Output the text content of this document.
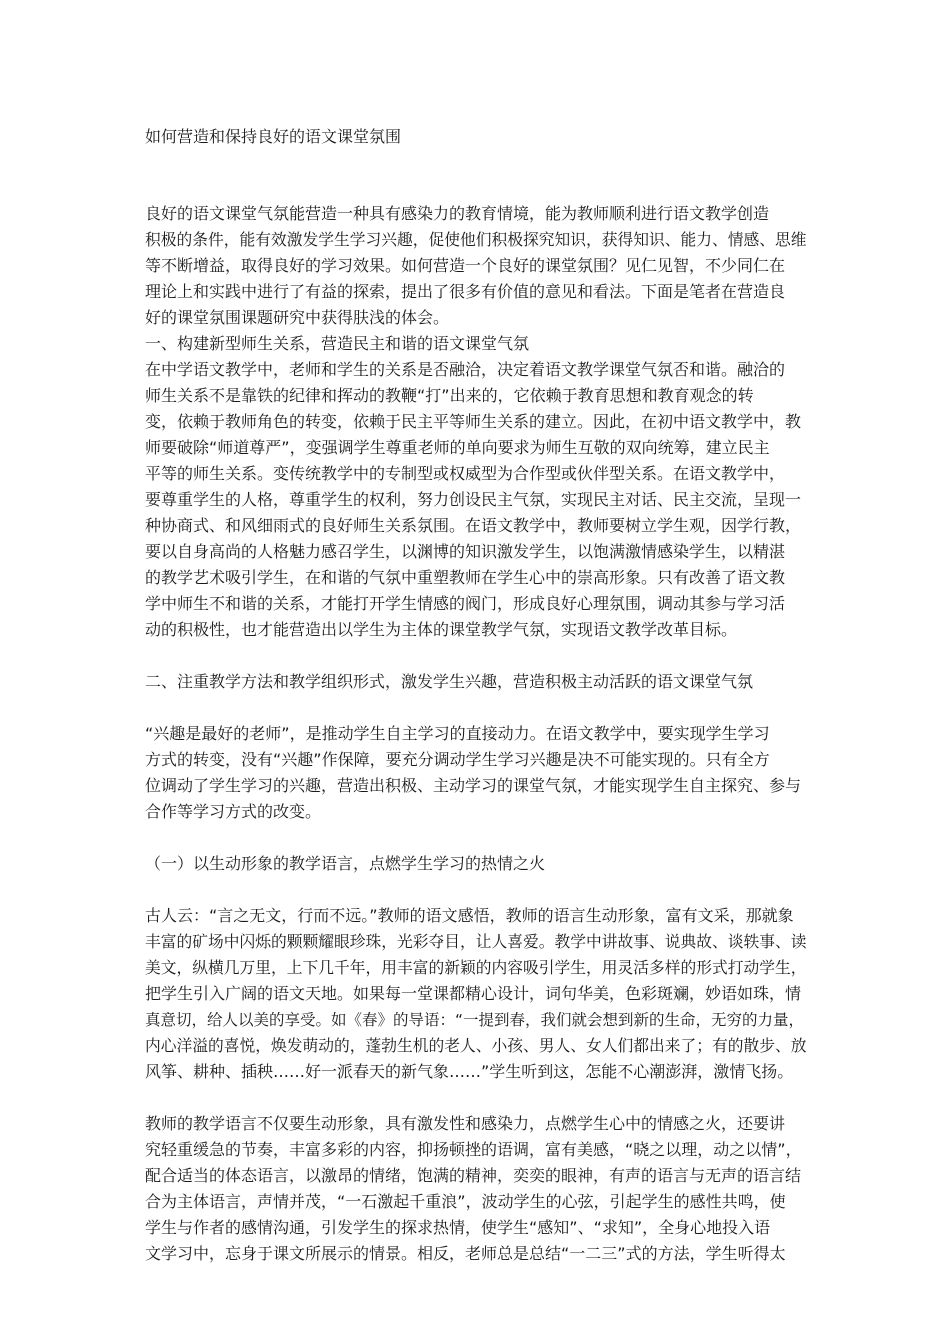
如何营造和保持良好的语文课堂氛围
良好的语文课堂气氛能营造一种具有感染力的教育情境，能为教师顺利进行语文教学创造
积极的条件，能有效激发学生学习兴趣，促使他们积极探究知识，获得知识、能力、情感、思维
等不断增益，取得良好的学习效果。如何营造一个良好的课堂氛围？见仁见智，不少同仁在
理论上和实践中进行了有益的探索，提出了很多有价值的意见和看法。下面是笔者在营造良
好的课堂氛围课题研究中获得肤浅的体会。
一、构建新型师生关系，营造民主和谐的语文课堂气氛
在中学语文教学中，老师和学生的关系是否融洽，决定着语文教学课堂气氛否和谐。融洽的
师生关系不是靠铁的纪律和挥动的教鞭“打”出来的，它依赖于教育思想和教育观念的转
变，依赖于教师角色的转变，依赖于民主平等师生关系的建立。因此，在初中语文教学中，教
师要破除“师道尊严”，变强调学生尊重老师的单向要求为师生互敬的双向统筹，建立民主
平等的师生关系。变传统教学中的专制型或权威型为合作型或伙伴型关系。在语文教学中，
要尊重学生的人格，尊重学生的权利，努力创设民主气氛，实现民主对话、民主交流，呈现一
种协商式、和风细雨式的良好师生关系氛围。在语文教学中，教师要树立学生观，因学行教，
要以自身高尚的人格魅力感召学生，以渊博的知识激发学生，以饱满激情感染学生，以精湛
的教学艺术吸引学生，在和谐的气氛中重塑教师在学生心中的崇高形象。只有改善了语文教
学中师生不和谐的关系，才能打开学生情感的阀门，形成良好心理氛围，调动其参与学习活
动的积极性，也才能营造出以学生为主体的课堂教学气氛，实现语文教学改革目标。
二、注重教学方法和教学组织形式，激发学生兴趣，营造积极主动活跃的语文课堂气氛
“兴趣是最好的老师”，是推动学生自主学习的直接动力。在语文教学中，要实现学生学习
方式的转变，没有“兴趣”作保障，要充分调动学生学习兴趣是决不可能实现的。只有全方
位调动了学生学习的兴趣，营造出积极、主动学习的课堂气氛，才能实现学生自主探究、参与
合作等学习方式的改变。
（一）以生动形象的教学语言，点燃学生学习的热情之火
古人云：“言之无文，行而不远。”教师的语文感悟，教师的语言生动形象，富有文采，那就象
丰富的矿场中闪烁的颗颗耀眼珍珠，光彩夺目，让人喜爱。教学中讲故事、说典故、谈轶事、读
美文，纵横几万里，上下几千年，用丰富的新颖的内容吸引学生，用灵活多样的形式打动学生，
把学生引入广阔的语文天地。如果每一堂课都精心设计，词句华美，色彩斑斓，妙语如珠，情
真意切，给人以美的享受。如《春》的导语：“一提到春，我们就会想到新的生命，无穷的力量，
内心洋溢的喜悦，焕发萌动的，蓬勃生机的老人、小孩、男人、女人们都出来了；有的散步、放
风筝、耕种、插秧……好一派春天的新气象……”学生听到这，怎能不心潮澎湃，激情飞扬。
教师的教学语言不仅要生动形象，具有激发性和感染力，点燃学生心中的情感之火，还要讲
究轻重缓急的节奏，丰富多彩的内容，抑扬顿挫的语调，富有美感，“晓之以理，动之以情”，
配合适当的体态语言，以激昂的情绪，饱满的精神，奕奕的眼神，有声的语言与无声的语言结
合为主体语言，声情并茂，“一石激起千重浪”，波动学生的心弦，引起学生的感性共鸣，使
学生与作者的感情沟通，引发学生的探求热情，使学生“感知”、“求知”，全身心地投入语
文学习中，忘身于课文所展示的情景。相反，老师总是总结“一二三”式的方法，学生听得太
